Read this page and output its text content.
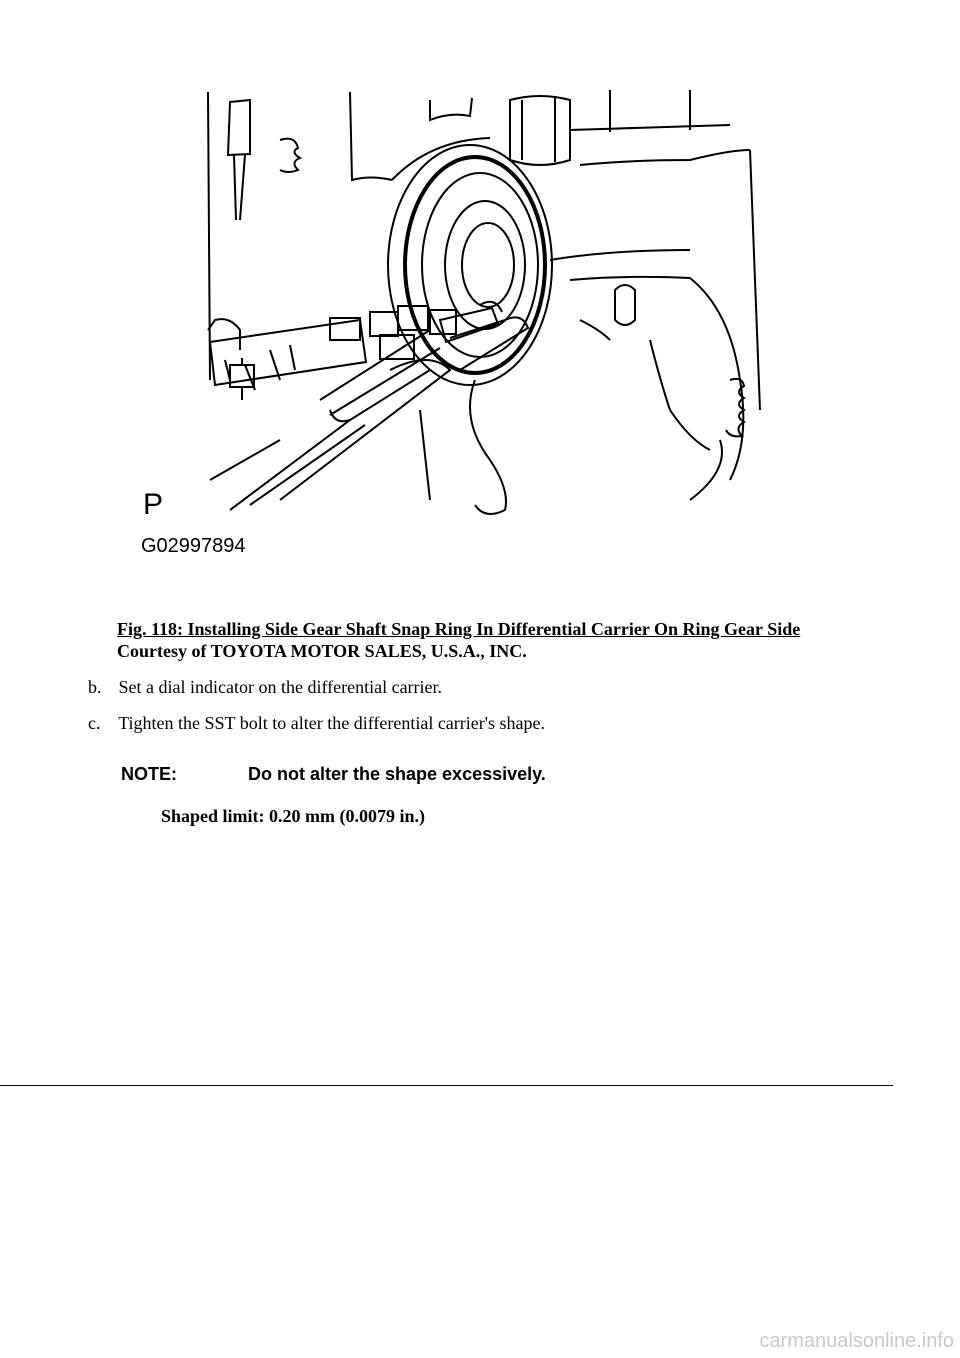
P
G02997894
Fig. 118: Installing Side Gear Shaft Snap Ring In Differential Carrier On Ring Gear Side
Courtesy of TOYOTA MOTOR SALES, U.S.A., INC.
b. Set a dial indicator on the differential carrier.
c. Tighten the SST bolt to alter the differential carrier's shape.
NOTE:	Do not alter the shape excessively.
Shaped limit: 0.20 mm (0.0079 in.)
carmanualsonline.info
